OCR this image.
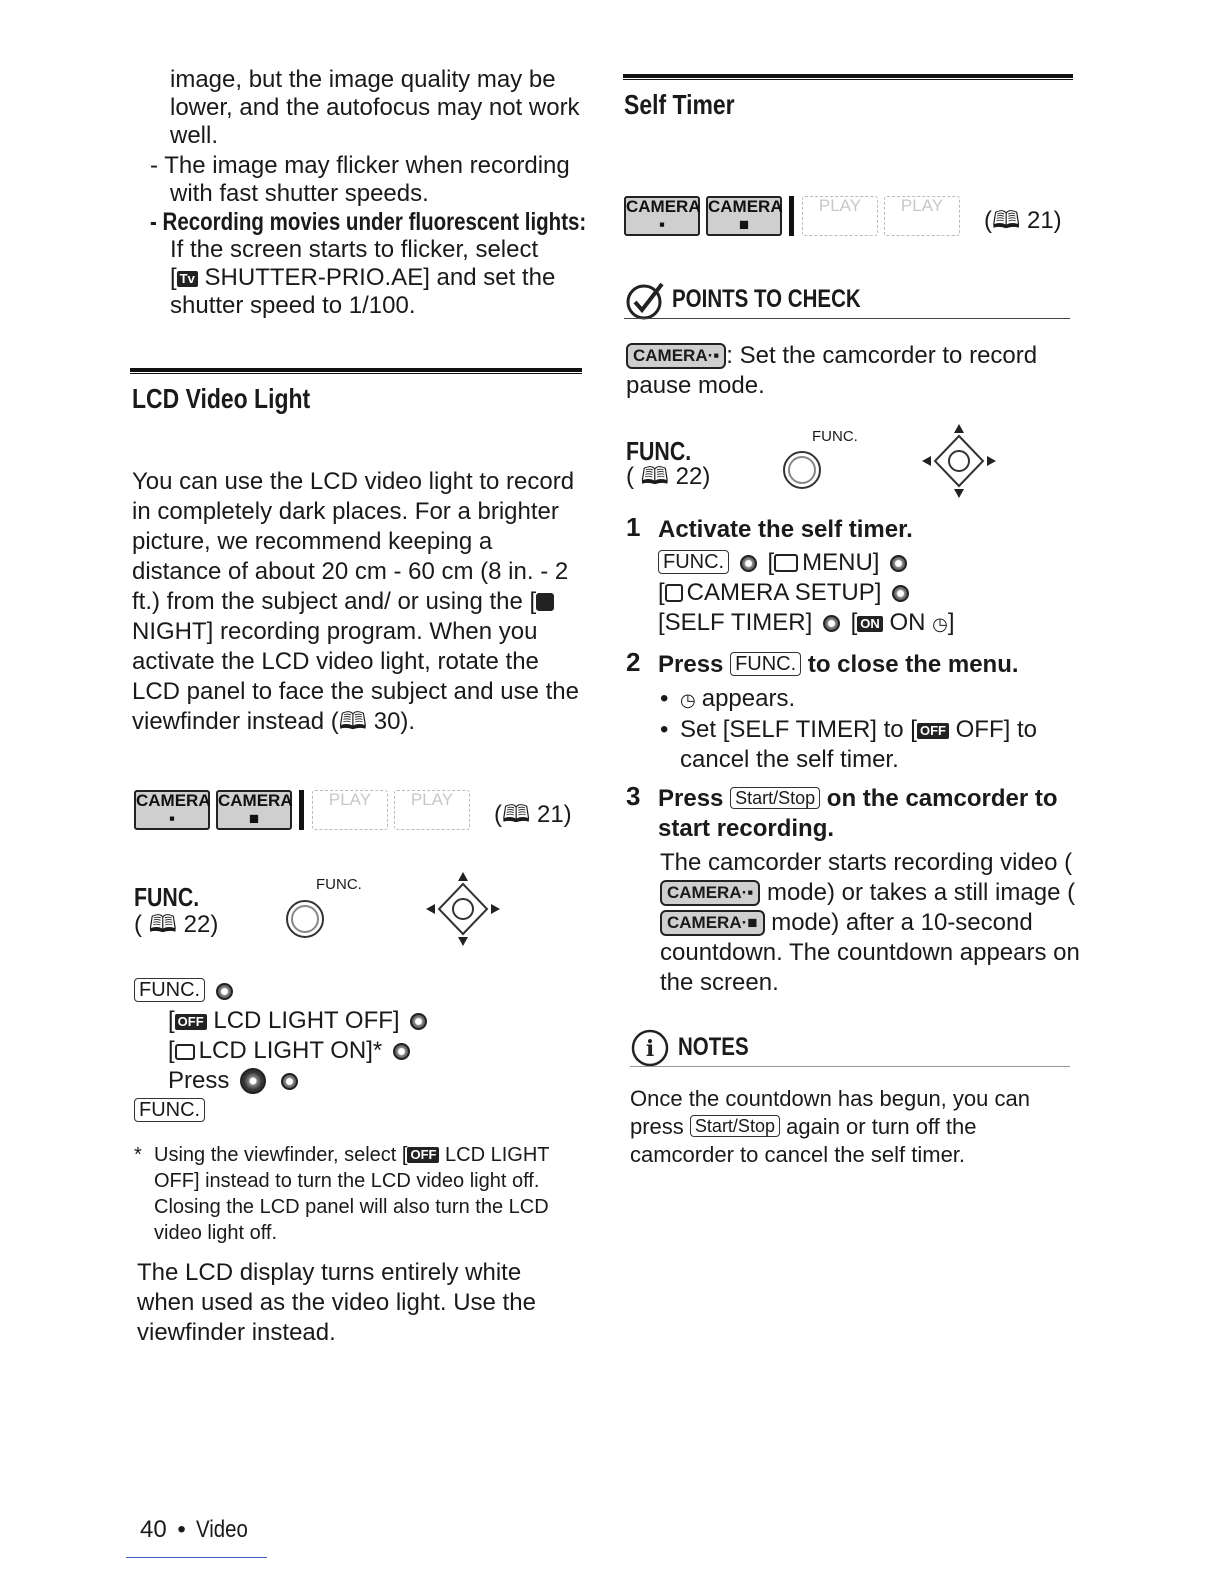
image, but the image quality may be lower, and the autofocus may not work well.
- The image may flicker when recording with fast shutter speeds.
- Recording movies under fluorescent lights:
If the screen starts to flicker, select
[ Tv SHUTTER-PRIO.AE] and set the shutter speed to 1/100.
LCD Video Light
You can use the LCD video light to record in completely dark places. For a brighter picture, we recommend keeping a distance of about 20 cm - 60 cm (8 in. - 2 ft.) from the subject and/ or using the [NIGHT] recording program. When you activate the LCD video light, rotate the LCD panel to face the subject and use the viewfinder instead (🕮 30).
CAMERA
▪
CAMERA
■
PLAY	PLAY
(🕮 21)
FUNC.
( 🕮 22)
FUNC.
FUNC.
[ OFF LCD LIGHT OFF]
[ LCD LIGHT ON]*
Press
FUNC.
* Using the viewfinder, select [ OFF LCD LIGHT OFF] instead to turn the LCD video light off. Closing the LCD panel will also turn the LCD video light off.
The LCD display turns entirely white when used as the video light. Use the viewfinder instead.
40 • Video
Self Timer
CAMERA
▪
CAMERA
■
PLAY	PLAY
(🕮 21)
POINTS TO CHECK
CAMERA·▪ : Set the camcorder to record pause mode.
FUNC.
( 🕮 22)
FUNC.
1 Activate the self timer.
FUNC.  [ MENU]
[ CAMERA SETUP]
[SELF TIMER]  [ ON ON ◷]
2 Press FUNC. to close the menu.
• ◷ appears.
• Set [SELF TIMER] to [ OFF OFF] to cancel the self timer.
3 Press Start/Stop on the camcorder to start recording.
The camcorder starts recording video (CAMERA·▪ mode) or takes a still image (CAMERA·■ mode) after a 10-second countdown. The countdown appears on the screen.
i NOTES
Once the countdown has begun, you can press Start/Stop again or turn off the camcorder to cancel the self timer.
